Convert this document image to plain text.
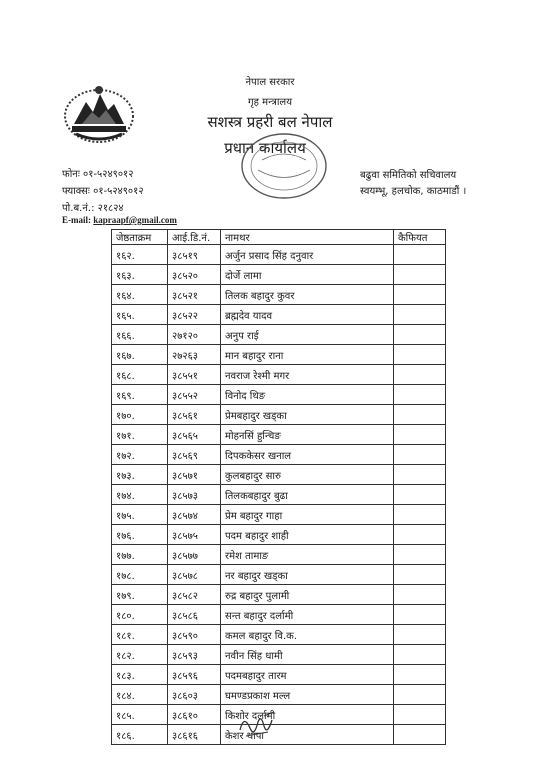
नेपाल सरकार
गृह मन्त्रालय
सशस्त्र प्रहरी बल नेपाल
प्रधान कार्यालय
फोनः ०१-५२४९०१२
फ्याक्सः ०१-५२४९०१२
पो.ब.नं.: २१८२४
E-mail: kapraapf@gmail.com
बढुवा समितिको सचिवालय
स्वयम्भू, हलचोक, काठमाडौं ।
जेष्ठताक्रम	आई.डि.नं.	नामथर	कैफियत
१६२.	३८५१९	अर्जुन प्रसाद सिंह दनुवार	
१६३.	३८५२०	दोर्जे लामा	
१६४.	३८५२१	तिलक बहादुर कुवर	
१६५.	३८५२२	ब्रह्मदेव यादव	
१६६.	२७१२०	अनुप राई	
१६७.	२७२६३	मान बहादुर राना	
१६८.	३८५५१	नवराज रेश्मी मगर	
१६९.	३८५५२	विनोद थिङ	
१७०.	३८५६१	प्रेमबहादुर खड्का	
१७१.	३८५६५	मोहनसिं हुन्चिङ	
१७२.	३८५६९	दिपककेसर खनाल	
१७३.	३८५७१	कुलबहादुर सारु	
१७४.	३८५७३	तिलकबहादुर बुढा	
१७५.	३८५७४	प्रेम बहादुर गाहा	
१७६.	३८५७५	पदम बहादुर शाही	
१७७.	३८५७७	रमेश तामाङ	
१७८.	३८५७८	नर बहादुर खड्का	
१७९.	३८५८२	रुद्र बहादुर पुलामी	
१८०.	३८५८६	सन्त बहादुर दर्लामी	
१८१.	३८५९०	कमल बहादुर वि.क.	
१८२.	३८५९३	नवीन सिंह धामी	
१८३.	३८५९६	पदमबहादुर तारम	
१८४.	३८६०३	घमण्डप्रकाश मल्ल	
१८५.	३८६१०	किशोर दर्लामी	
१८६.	३८६१६	केशर थापा	
